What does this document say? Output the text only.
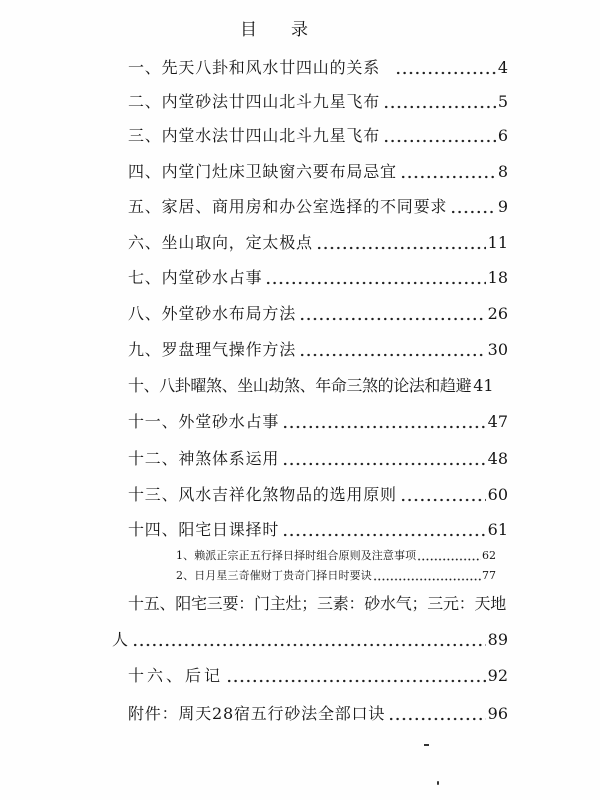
目　　录
一、先天八卦和风水廿四山的关系	4
二、内堂砂法廿四山北斗九星飞布	5
三、内堂水法廿四山北斗九星飞布	6
四、内堂门灶床卫缺窗六要布局忌宜	8
五、家居、商用房和办公室选择的不同要求	9
六、坐山取向，定太极点	11
七、内堂砂水占事	18
八、外堂砂水布局方法	26
九、罗盘理气操作方法	30
十、八卦曜煞、坐山劫煞、年命三煞的论法和趋避 41
十一、外堂砂水占事	47
十二、神煞体系运用	48
十三、风水吉祥化煞物品的选用原则	60
十四、阳宅日课择时	61
1、赖派正宗正五行择日择时组合原则及注意事项	62
2、日月星三奇催财丁贵奇门择日时要诀	77
十五、阳宅三要：门主灶；三素：砂水气；三元：天地
人	89
十六、后记	92
附件：周天28宿五行砂法全部口诀	96
